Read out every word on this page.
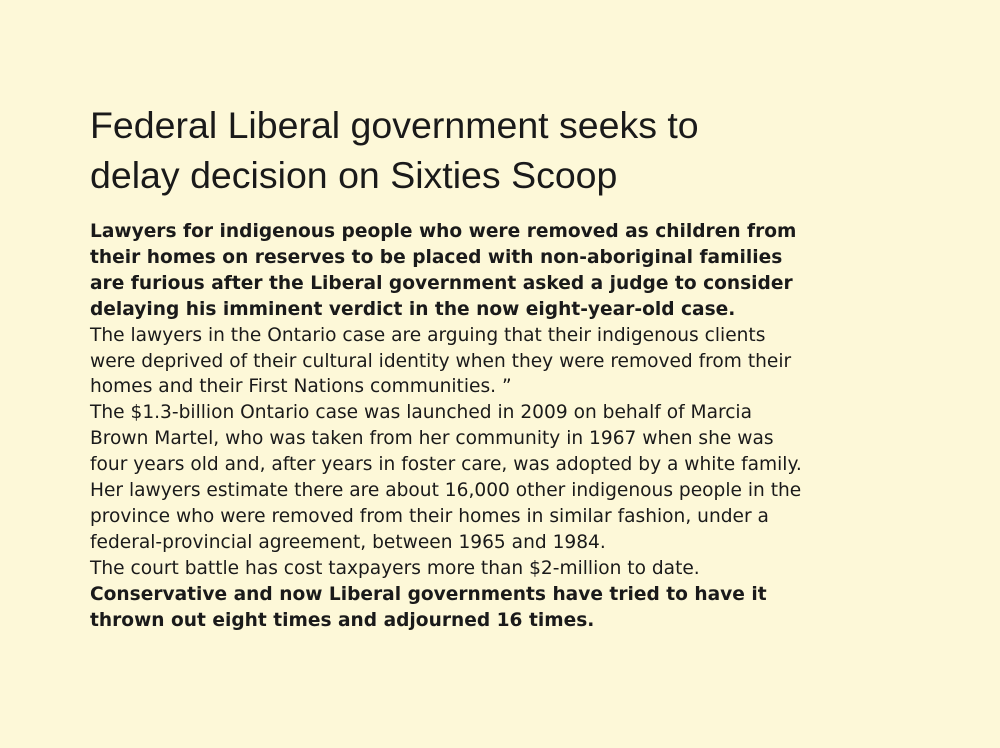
Federal Liberal government seeks to
delay decision on Sixties Scoop

Lawyers for indigenous people who were removed as children from
their homes on reserves to be placed with non-aboriginal families
are furious after the Liberal government asked a judge to consider
delaying his imminent verdict in the now eight-year-old case.

The lawyers in the Ontario case are arguing that their indigenous clients
were deprived of their cultural identity when they were removed from their
homes and their First Nations communities. ”

The $1.3-billion Ontario case was launched in 2009 on behalf of Marcia
Brown Martel, who was taken from her community in 1967 when she was
four years old and, after years in foster care, was adopted by a white family.
Her lawyers estimate there are about 16,000 other indigenous people in the
province who were removed from their homes in similar fashion, under a
federal-provincial agreement, between 1965 and 1984.

The court battle has cost taxpayers more than $2-million to date.

Conservative and now Liberal governments have tried to have it
thrown out eight times and adjourned 16 times.
